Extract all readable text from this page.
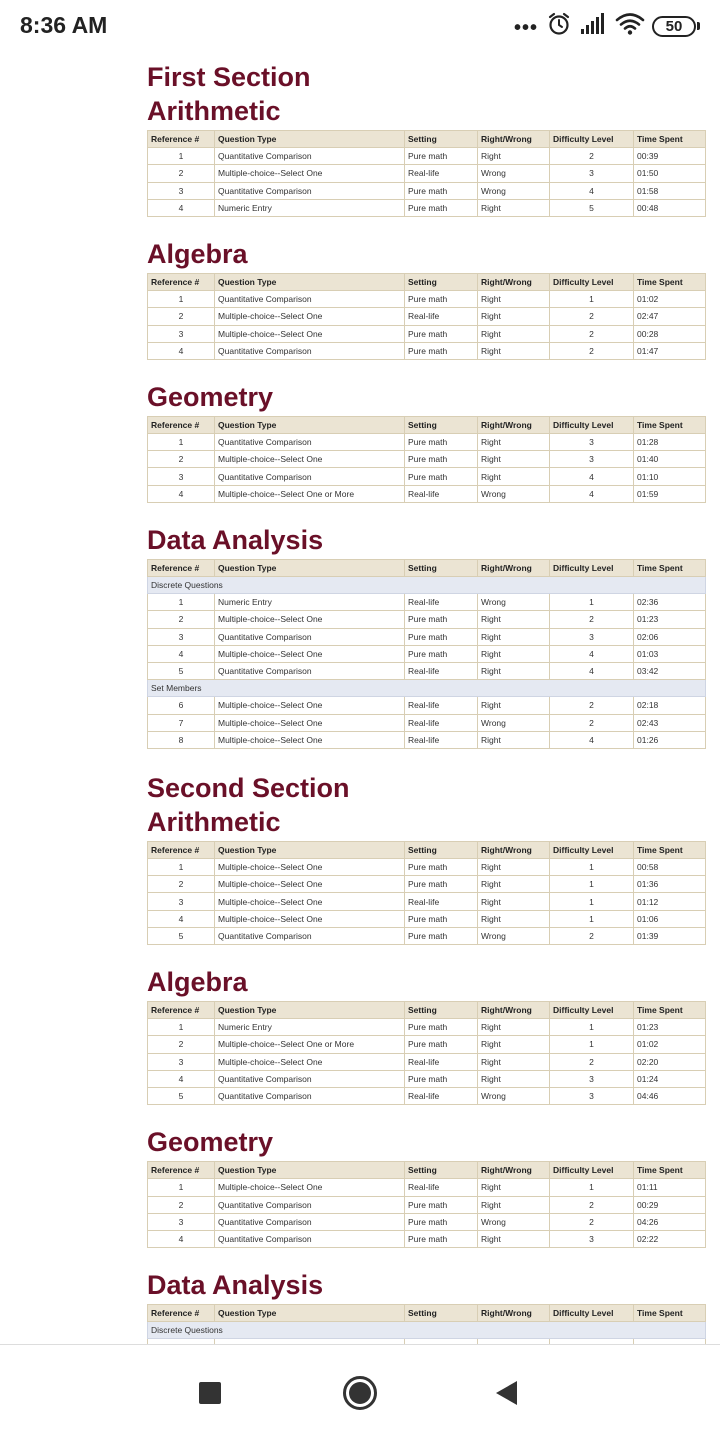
8:36 AM	•••	50
First Section
Arithmetic
Reference #	Question Type	Setting	Right/Wrong	Difficulty Level	Time Spent
1	Quantitative Comparison	Pure math	Right	2	00:39
2	Multiple-choice--Select One	Real-life	Wrong	3	01:50
3	Quantitative Comparison	Pure math	Wrong	4	01:58
4	Numeric Entry	Pure math	Right	5	00:48
Algebra
Reference #	Question Type	Setting	Right/Wrong	Difficulty Level	Time Spent
1	Quantitative Comparison	Pure math	Right	1	01:02
2	Multiple-choice--Select One	Real-life	Right	2	02:47
3	Multiple-choice--Select One	Pure math	Right	2	00:28
4	Quantitative Comparison	Pure math	Right	2	01:47
Geometry
Reference #	Question Type	Setting	Right/Wrong	Difficulty Level	Time Spent
1	Quantitative Comparison	Pure math	Right	3	01:28
2	Multiple-choice--Select One	Pure math	Right	3	01:40
3	Quantitative Comparison	Pure math	Right	4	01:10
4	Multiple-choice--Select One or More	Real-life	Wrong	4	01:59
Data Analysis
Reference #	Question Type	Setting	Right/Wrong	Difficulty Level	Time Spent
Discrete Questions					
1	Numeric Entry	Real-life	Wrong	1	02:36
2	Multiple-choice--Select One	Pure math	Right	2	01:23
3	Quantitative Comparison	Pure math	Right	3	02:06
4	Multiple-choice--Select One	Pure math	Right	4	01:03
5	Quantitative Comparison	Real-life	Right	4	03:42
Set Members					
6	Multiple-choice--Select One	Real-life	Right	2	02:18
7	Multiple-choice--Select One	Real-life	Wrong	2	02:43
8	Multiple-choice--Select One	Real-life	Right	4	01:26
Second Section
Arithmetic
Reference #	Question Type	Setting	Right/Wrong	Difficulty Level	Time Spent
1	Multiple-choice--Select One	Pure math	Right	1	00:58
2	Multiple-choice--Select One	Pure math	Right	1	01:36
3	Multiple-choice--Select One	Real-life	Right	1	01:12
4	Multiple-choice--Select One	Pure math	Right	1	01:06
5	Quantitative Comparison	Pure math	Wrong	2	01:39
Algebra
Reference #	Question Type	Setting	Right/Wrong	Difficulty Level	Time Spent
1	Numeric Entry	Pure math	Right	1	01:23
2	Multiple-choice--Select One or More	Pure math	Right	1	01:02
3	Multiple-choice--Select One	Real-life	Right	2	02:20
4	Quantitative Comparison	Pure math	Right	3	01:24
5	Quantitative Comparison	Real-life	Wrong	3	04:46
Geometry
Reference #	Question Type	Setting	Right/Wrong	Difficulty Level	Time Spent
1	Multiple-choice--Select One	Real-life	Right	1	01:11
2	Quantitative Comparison	Pure math	Right	2	00:29
3	Quantitative Comparison	Pure math	Wrong	2	04:26
4	Quantitative Comparison	Pure math	Right	3	02:22
Data Analysis
Reference #	Question Type	Setting	Right/Wrong	Difficulty Level	Time Spent
Discrete Questions					
